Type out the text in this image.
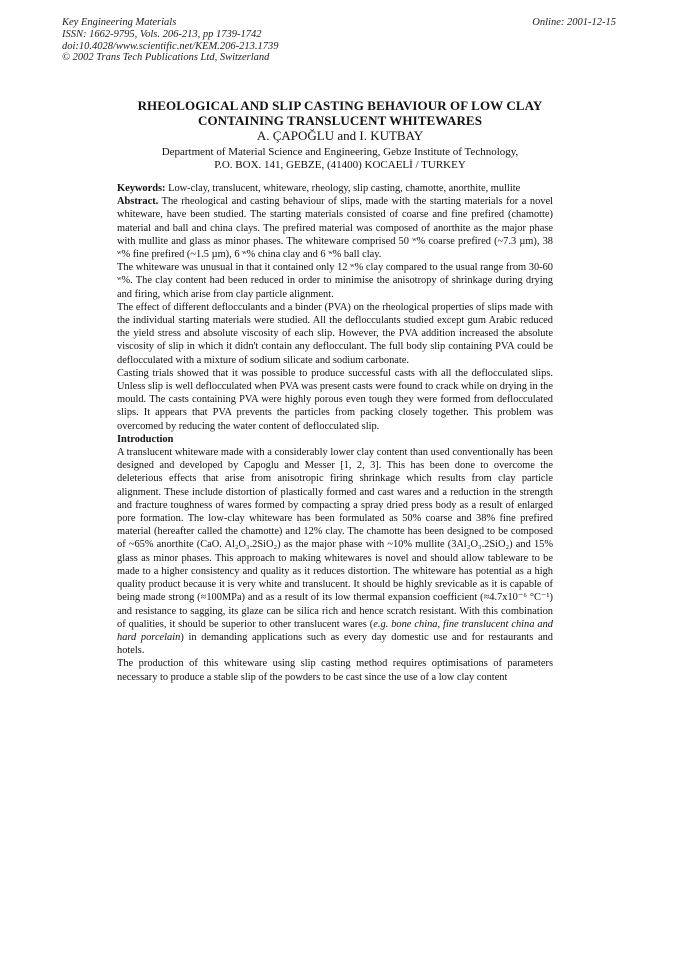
Key Engineering Materials
ISSN: 1662-9795, Vols. 206-213, pp 1739-1742
doi:10.4028/www.scientific.net/KEM.206-213.1739
© 2002 Trans Tech Publications Ltd, Switzerland
Online: 2001-12-15
RHEOLOGICAL AND SLIP CASTING BEHAVIOUR OF LOW CLAY
CONTAINING TRANSLUCENT WHITEWARES
A. ÇAPOĞLU and I. KUTBAY
Department of Material Science and Engineering, Gebze Institute of Technology,
P.O. BOX. 141, GEBZE, (41400) KOCAELİ / TURKEY

Keywords: Low-clay, translucent, whiteware, rheology, slip casting, chamotte, anorthite, mullite

Abstract. The rheological and casting behaviour of slips, made with the starting materials for a novel whiteware, have been studied. The starting materials consisted of coarse and fine prefired (chamotte) material and ball and china clays. The prefired material was composed of anorthite as the major phase with mullite and glass as minor phases. The whiteware comprised 50 ʷ% coarse prefired (~7.3 µm), 38 ʷ% fine prefired (~1.5 µm), 6 ʷ% china clay and 6 ʷ% ball clay.

The whiteware was unusual in that it contained only 12 ʷ% clay compared to the usual range from 30-60 ʷ%. The clay content had been reduced in order to minimise the anisotropy of shrinkage during drying and firing, which arise from clay particle alignment.

The effect of different deflocculants and a binder (PVA) on the rheological properties of slips made with the individual starting materials were studied. All the deflocculants studied except gum Arabic reduced the yield stress and absolute viscosity of each slip. However, the PVA addition increased the absolute viscosity of slip in which it didn't contain any deflocculant. The full body slip containing PVA could be deflocculated with a mixture of sodium silicate and sodium carbonate.

Casting trials showed that it was possible to produce successful casts with all the deflocculated slips. Unless slip is well deflocculated when PVA was present casts were found to crack while on drying in the mould. The casts containing PVA were highly porous even tough they were formed from deflocculated slips. It appears that PVA prevents the particles from packing closely together. This problem was overcomed by reducing the water content of deflocculated slip.

Introduction

A translucent whiteware made with a considerably lower clay content than used conventionally has been designed and developed by Capoglu and Messer [1, 2, 3]. This has been done to overcome the deleterious effects that arise from anisotropic firing shrinkage which results from clay particle alignment. These include distortion of plastically formed and cast wares and a reduction in the strength and fracture toughness of wares formed by compacting a spray dried press body as a result of enlarged pore formation. The low-clay whiteware has been formulated as 50% coarse and 38% fine prefired material (hereafter called the chamotte) and 12% clay. The chamotte has been designed to be composed of ~65% anorthite (CaO. Al₂O₃.2SiO₂) as the major phase with ~10% mullite (3Al₂O₃.2SiO₂) and 15% glass as minor phases. This approach to making whitewares is novel and should allow tableware to be made to a higher consistency and quality as it reduces distortion. The whiteware has potential as a high quality product because it is very white and translucent. It should be highly srevicable as it is capable of being made strong (≈100MPa) and as a result of its low thermal expansion coefficient (≈4.7x10⁻⁶ °C⁻¹) and resistance to sagging, its glaze can be silica rich and hence scratch resistant. With this combination of qualities, it should be superior to other translucent wares (e.g. bone china, fine translucent china and hard porcelain) in demanding applications such as every day domestic use and for restaurants and hotels.

The production of this whiteware using slip casting method requires optimisations of parameters necessary to produce a stable slip of the powders to be cast since the use of a low clay content
